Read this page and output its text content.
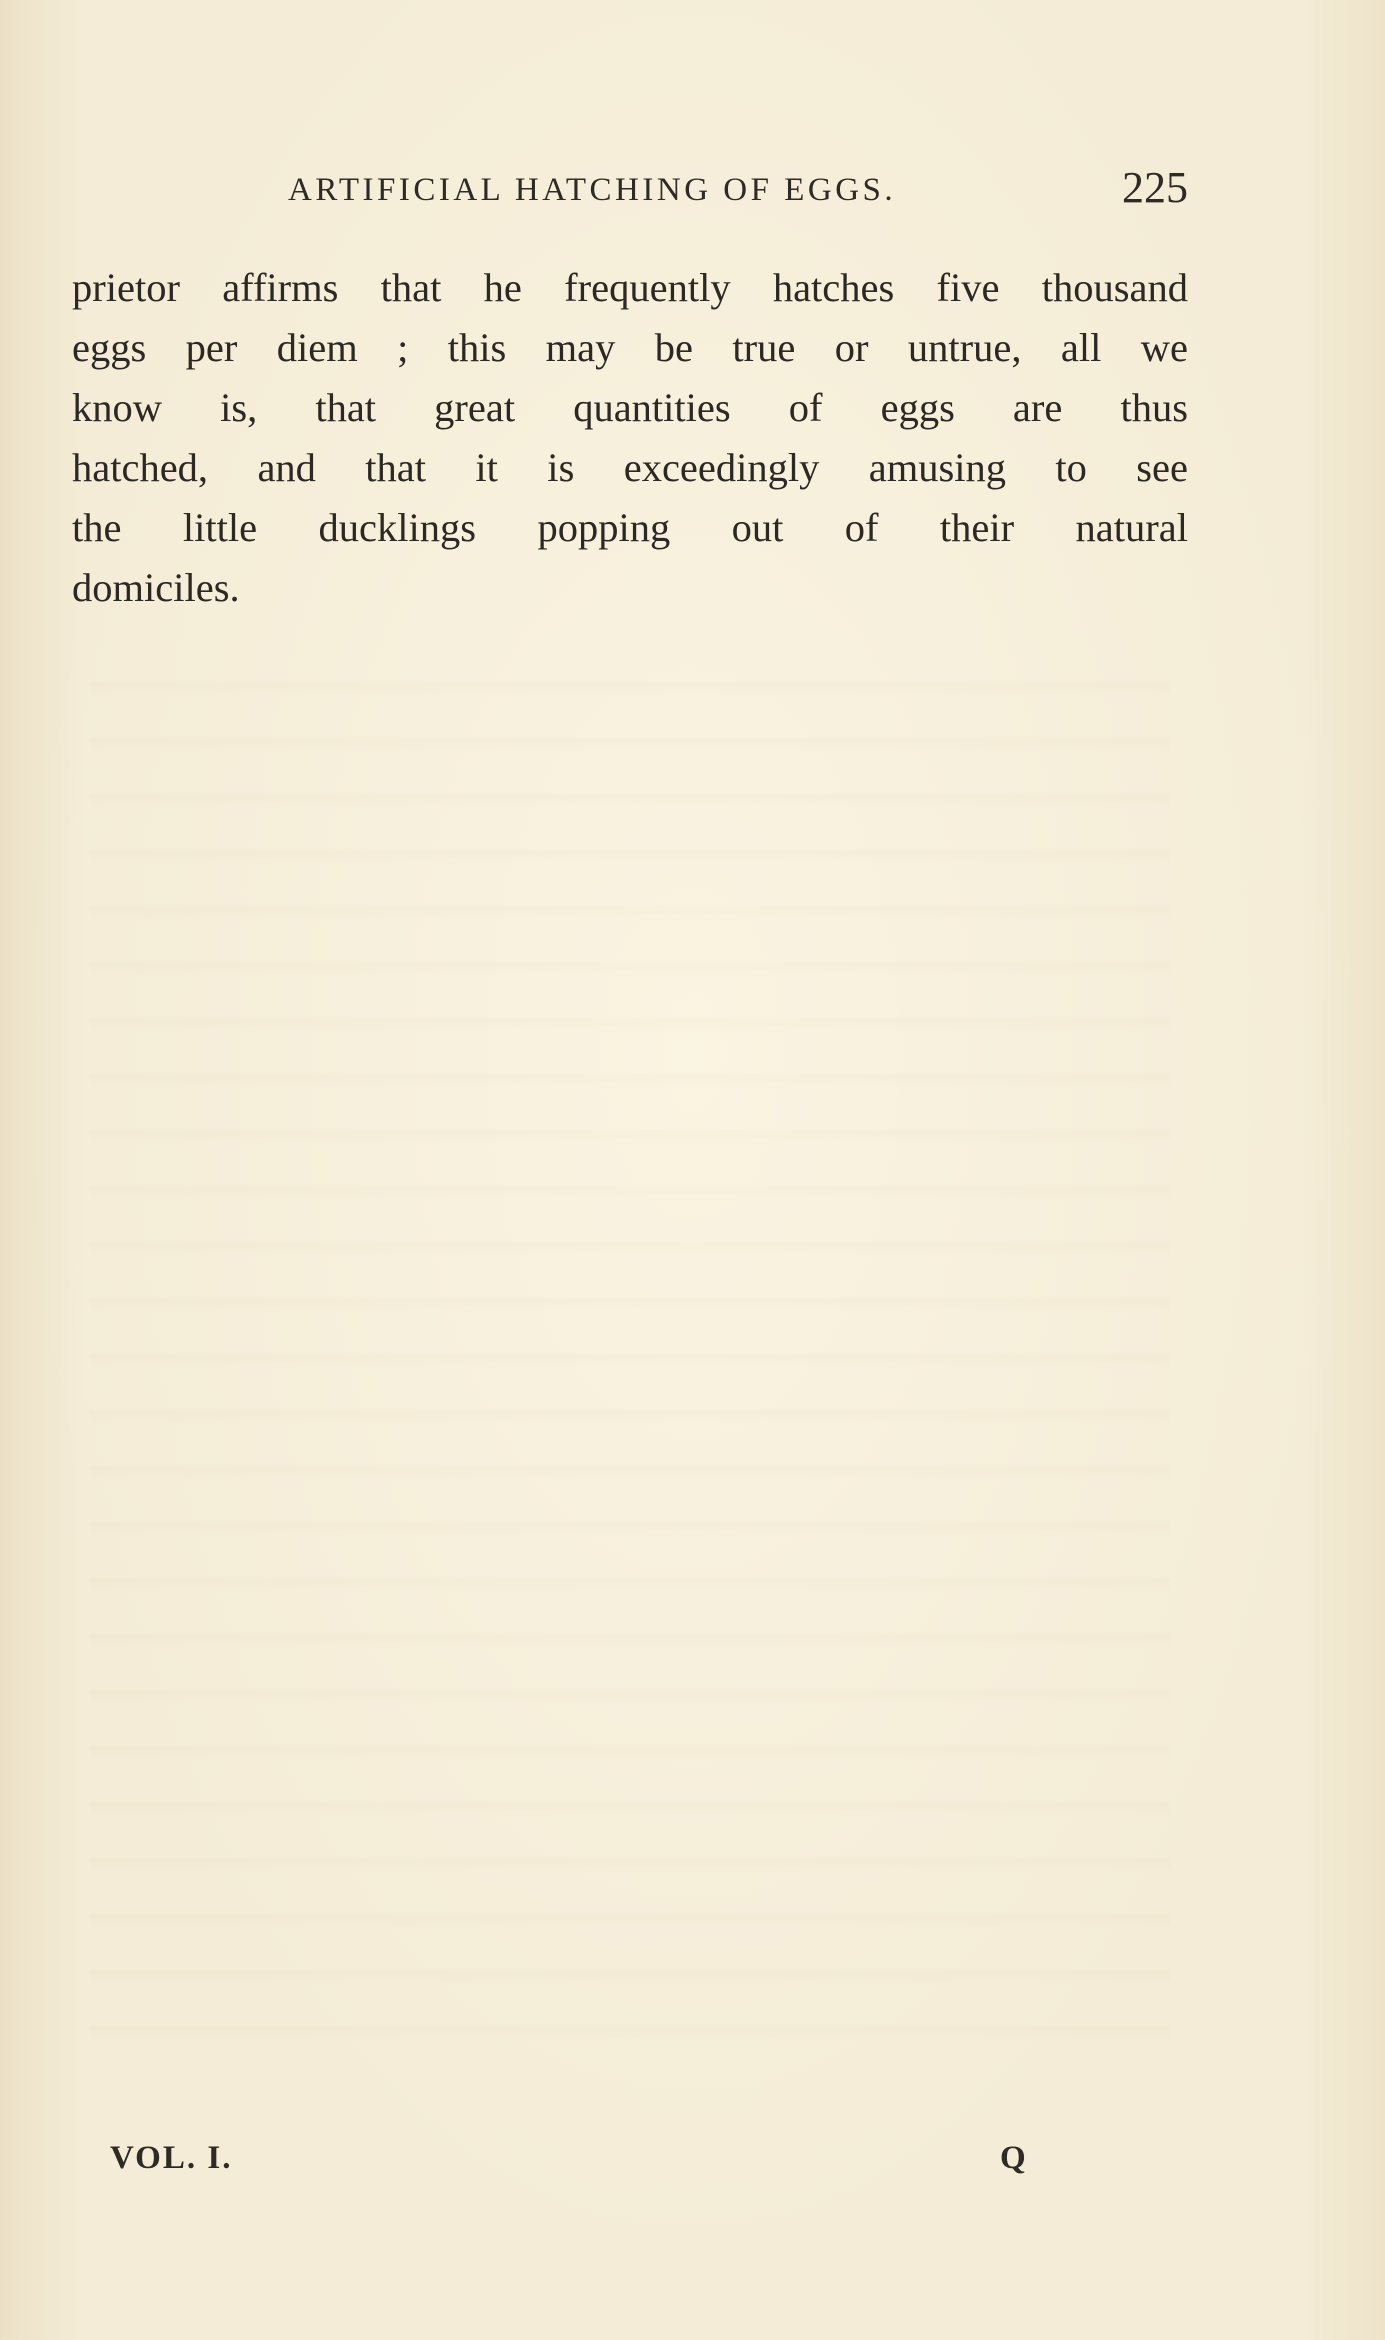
ARTIFICIAL HATCHING OF EGGS.	225
prietor affirms that he frequently hatches five thousand
eggs per diem ; this may be true or untrue, all we
know is, that great quantities of eggs are thus
hatched, and that it is exceedingly amusing to see
the little ducklings popping out of their natural
domiciles.
VOL. I.	Q
